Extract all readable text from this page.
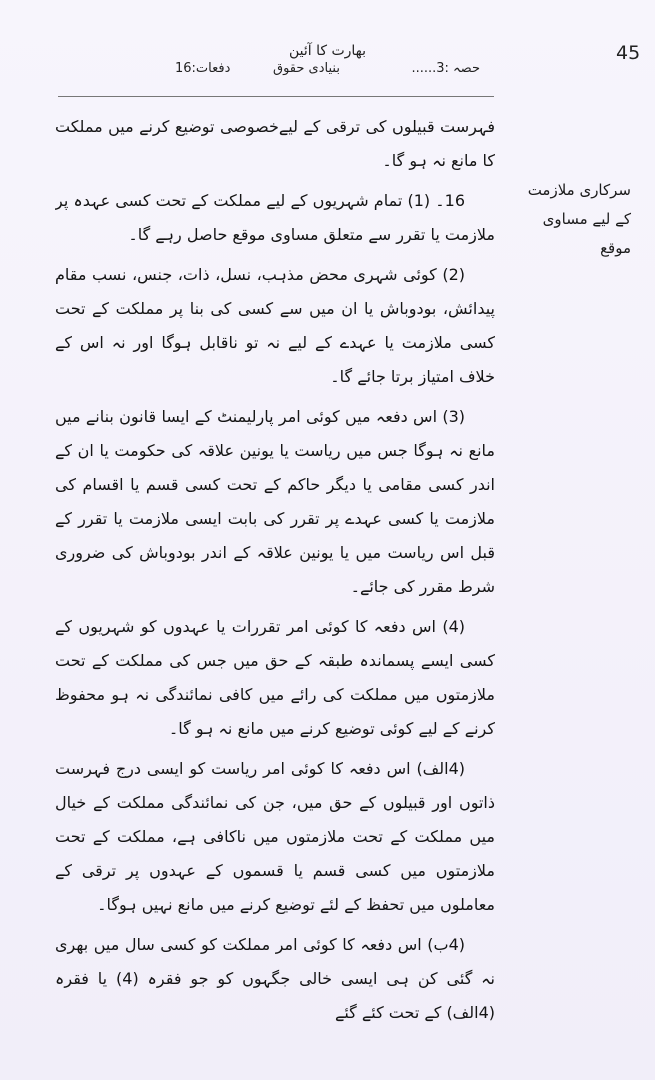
45
بھارت کا آئین
حصہ :3......
بنیادی حقوق
دفعات:16
سرکاری ملازمت کے لیے مساوی موقع

فہرست قبیلوں کی ترقی کے لیےخصوصی توضیع کرنے میں مملکت کا مانع نہ ہو گا۔

16۔ (1) تمام شہریوں کے لیے مملکت کے تحت کسی عہدہ پر ملازمت یا تقرر سے متعلق مساوی موقع حاصل رہے گا۔

(2) کوئی شہری محض مذہب، نسل، ذات، جنس، نسب مقام پیدائش، بودوباش یا ان میں سے کسی کی بنا پر مملکت کے تحت کسی ملازمت یا عہدے کے لیے نہ تو ناقابل ہوگا اور نہ اس کے خلاف امتیاز برتا جائے گا۔

(3) اس دفعہ میں کوئی امر پارلیمنٹ کے ایسا قانون بنانے میں مانع نہ ہوگا جس میں ریاست یا یونین علاقہ کی حکومت یا ان کے اندر کسی مقامی یا دیگر حاکم کے تحت کسی قسم یا اقسام کی ملازمت یا کسی عہدے پر تقرر کی بابت ایسی ملازمت یا تقرر کے قبل اس ریاست میں یا یونین علاقہ کے اندر بودوباش کی ضروری شرط مقرر کی جائے۔

(4) اس دفعہ کا کوئی امر تقررات یا عہدوں کو شہریوں کے کسی ایسے پسماندہ طبقہ کے حق میں جس کی مملکت کے تحت ملازمتوں میں مملکت کی رائے میں کافی نمائندگی نہ ہو محفوظ کرنے کے لیے کوئی توضیع کرنے میں مانع نہ ہو گا۔

(4الف) اس دفعہ کا کوئی امر ریاست کو ایسی درج فہرست ذاتوں اور قبیلوں کے حق میں، جن کی نمائندگی مملکت کے خیال میں مملکت کے تحت ملازمتوں میں ناکافی ہے، مملکت کے تحت ملازمتوں میں کسی قسم یا قسموں کے عہدوں پر ترقی کے معاملوں میں تحفظ کے لئے توضیع کرنے میں مانع نہیں ہوگا۔

(4ب) اس دفعہ کا کوئی امر مملکت کو کسی سال میں بھری نہ گئی کن ہی ایسی خالی جگہوں کو جو فقرہ (4) یا فقرہ (4الف) کے تحت کئے گئے
